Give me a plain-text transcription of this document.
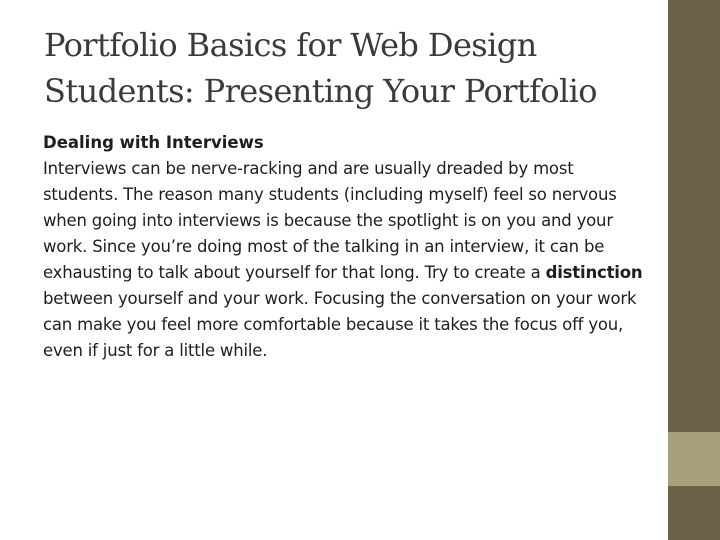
Portfolio Basics for Web Design
Students: Presenting Your Portfolio

Dealing with Interviews

Interviews can be nerve-racking and are usually dreaded by most students. The reason many students (including myself) feel so nervous when going into interviews is because the spotlight is on you and your work. Since you’re doing most of the talking in an interview, it can be exhausting to talk about yourself for that long. Try to create a distinction between yourself and your work. Focusing the conversation on your work can make you feel more comfortable because it takes the focus off you, even if just for a little while.
